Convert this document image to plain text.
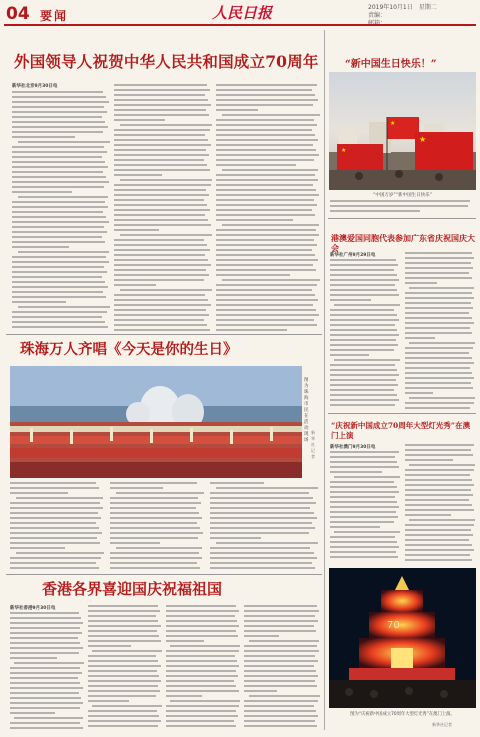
04 要闻	人民日报	2019年10月1日　星期二
责编：
外国领导人祝贺中华人民共和国成立70周年
新华社北京9月30日电
“新中国生日快乐！”
★
★
★
“中国万岁”“新中国生日快乐”
港澳爱国同胞代表参加广东省庆祝国庆大会
新华社广州9月29日电
“庆祝新中国成立70周年大型灯光秀”在澳门上演
新华社澳门9月30日电
70
图为“庆祝新中国成立70周年大型灯光秀”在澳门上演。
新华社记者
珠海万人齐唱《今天是你的生日》
图为珠海市民在活动现场
新华社记者
香港各界喜迎国庆祝福祖国
新华社香港9月30日电
